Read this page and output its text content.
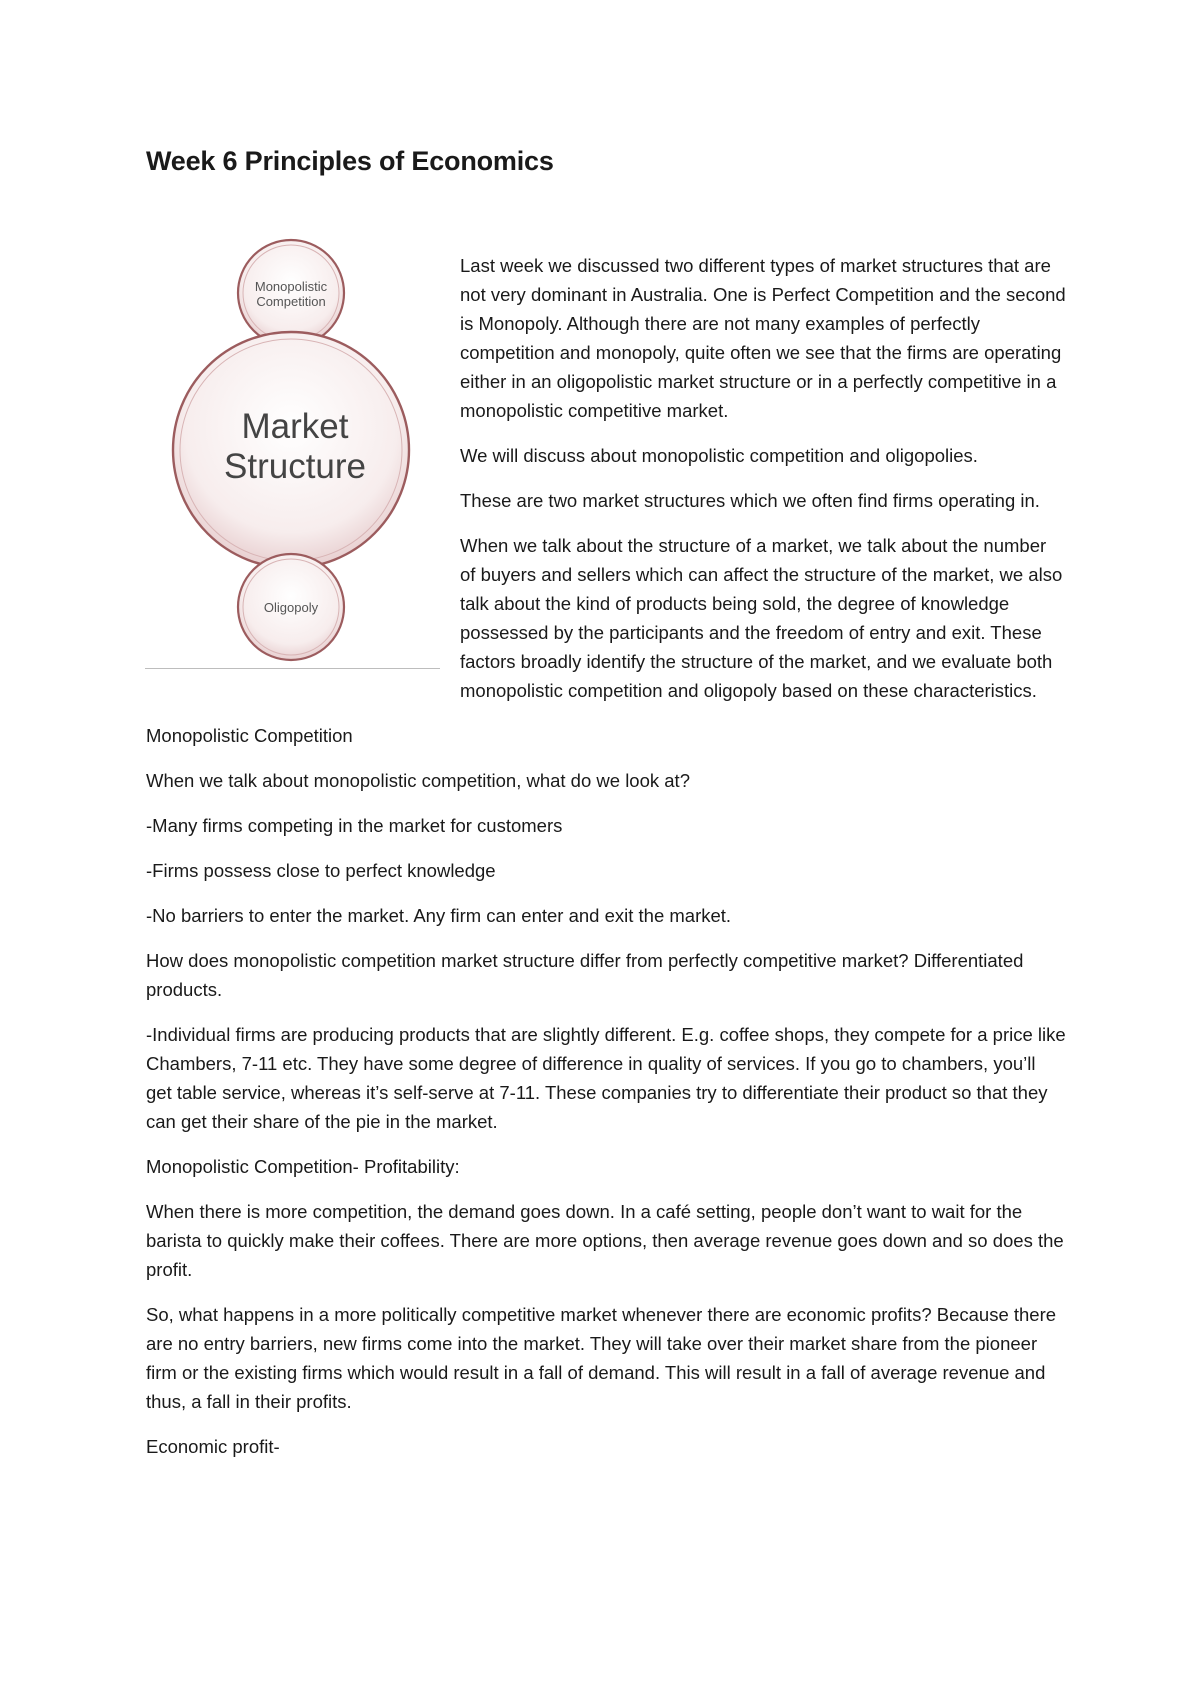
Week 6 Principles of Economics
Monopolistic
Competition
Market
Structure
Oligopoly

Last week we discussed two different types of market structures that are not very dominant in Australia. One is Perfect Competition and the second is Monopoly. Although there are not many examples of perfectly competition and monopoly, quite often we see that the firms are operating either in an oligopolistic market structure or in a perfectly competitive in a monopolistic competitive market.

We will discuss about monopolistic competition and oligopolies.

These are two market structures which we often find firms operating in.

When we talk about the structure of a market, we talk about the number of buyers and sellers which can affect the structure of the market, we also talk about the kind of products being sold, the degree of knowledge possessed by the participants and the freedom of entry and exit. These factors broadly identify the structure of the market, and we evaluate both monopolistic competition and oligopoly based on these characteristics.

Monopolistic Competition

When we talk about monopolistic competition, what do we look at?

-Many firms competing in the market for customers

-Firms possess close to perfect knowledge

-No barriers to enter the market. Any firm can enter and exit the market.

How does monopolistic competition market structure differ from perfectly competitive market? Differentiated products.

-Individual firms are producing products that are slightly different. E.g. coffee shops, they compete for a price like Chambers, 7-11 etc. They have some degree of difference in quality of services. If you go to chambers, you’ll get table service, whereas it’s self-serve at 7-11. These companies try to differentiate their product so that they can get their share of the pie in the market.

Monopolistic Competition- Profitability:

When there is more competition, the demand goes down. In a café setting, people don’t want to wait for the barista to quickly make their coffees. There are more options, then average revenue goes down and so does the profit.

So, what happens in a more politically competitive market whenever there are economic profits? Because there are no entry barriers, new firms come into the market. They will take over their market share from the pioneer firm or the existing firms which would result in a fall of demand. This will result in a fall of average revenue and thus, a fall in their profits.

Economic profit-
